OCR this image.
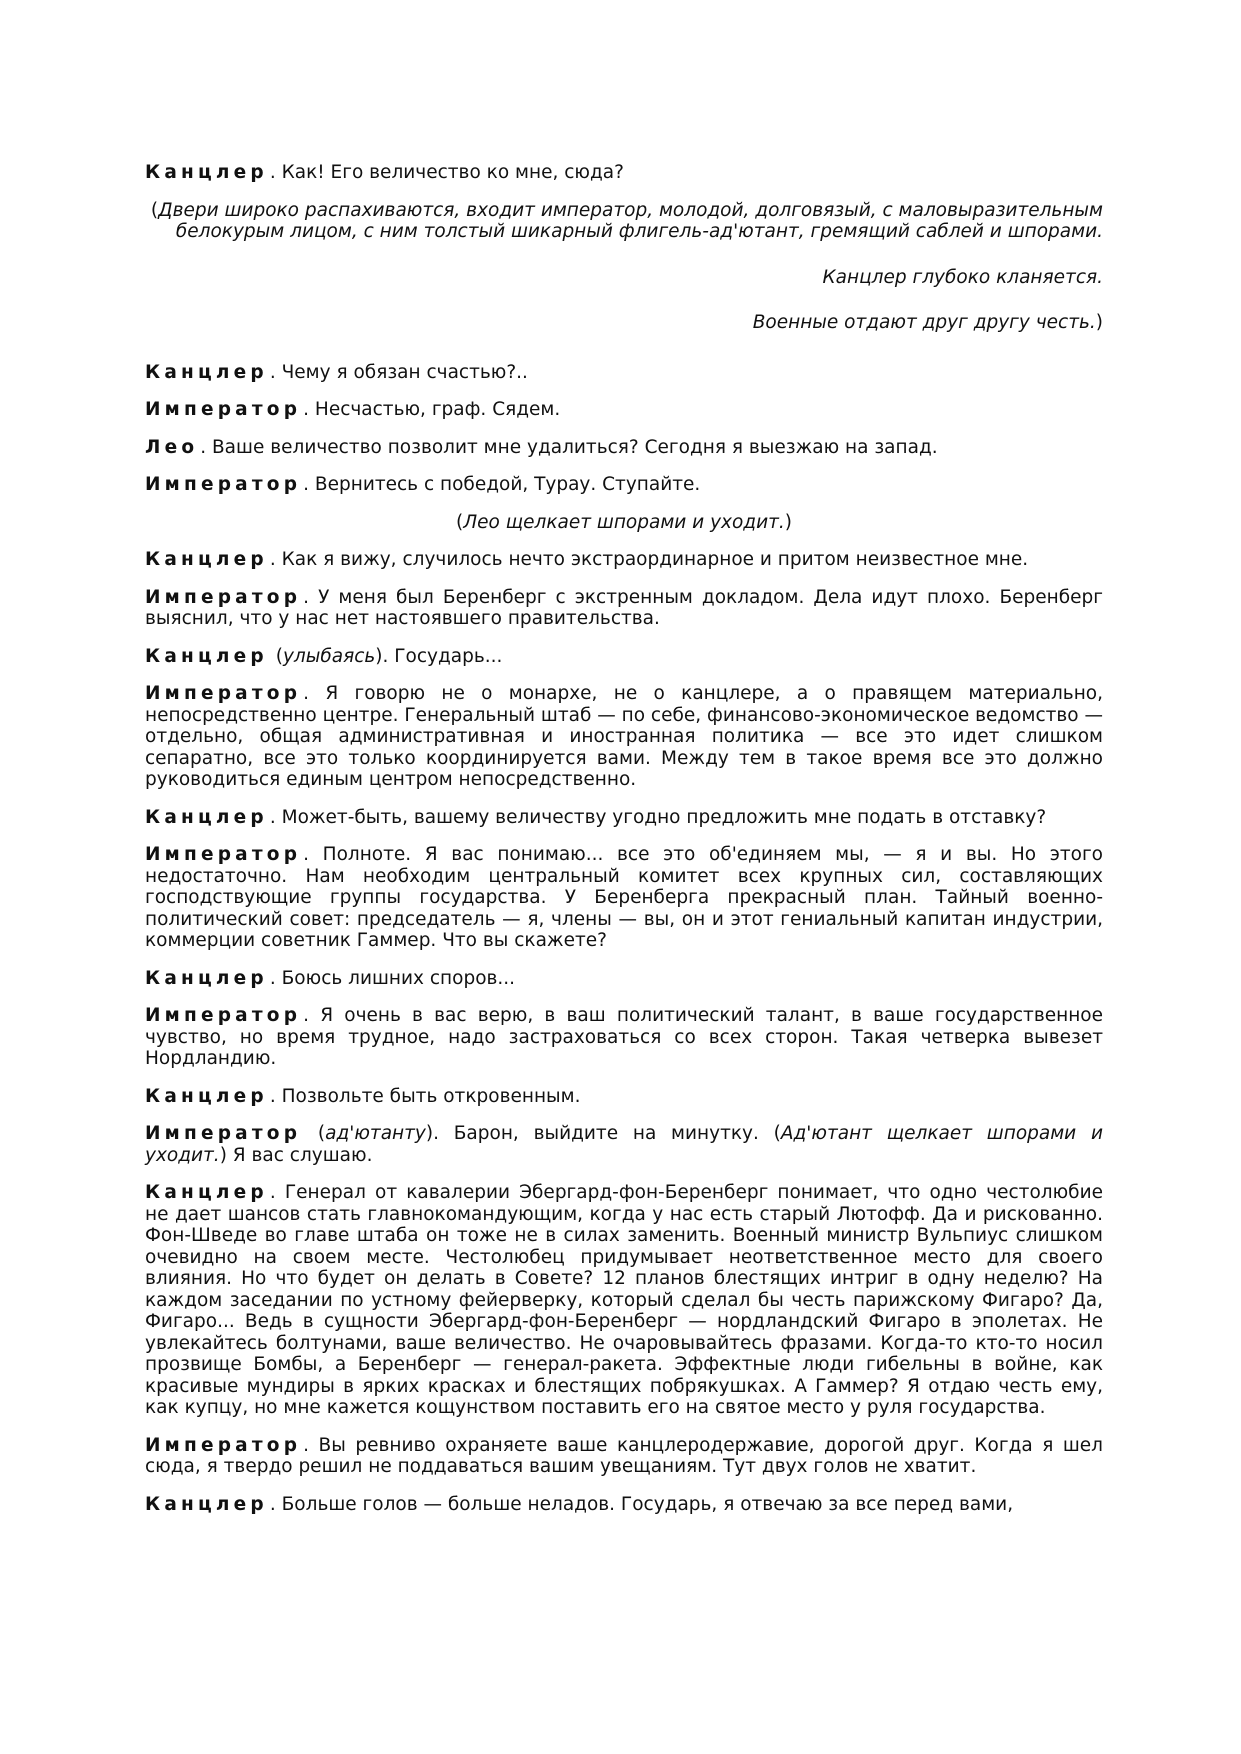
Канцлер . Как! Его величество ко мне, сюда?

(Двери широко распахиваются, входит император, молодой, долговязый, с маловыразительным белокурым лицом, с ним толстый шикарный флигель-ад'ютант, гремящий саблей и шпорами.

Канцлер глубоко кланяется.

Военные отдают друг другу честь.)

Канцлер . Чему я обязан счастью?..

Император . Несчастью, граф. Сядем.

Лео . Ваше величество позволит мне удалиться? Сегодня я выезжаю на запад.

Император . Вернитесь с победой, Турау. Ступайте.

(Лео щелкает шпорами и уходит.)

Канцлер . Как я вижу, случилось нечто экстраординарное и притом неизвестное мне.

Император . У меня был Беренберг с экстренным докладом. Дела идут плохо. Беренберг выяснил, что у нас нет настоявшего правительства.

Канцлер (улыбаясь). Государь...

Император . Я говорю не о монархе, не о канцлере, а о правящем материально, непосредственно центре. Генеральный штаб — по себе, финансово-экономическое ведомство — отдельно, общая административная и иностранная политика — все это идет слишком сепаратно, все это только координируется вами. Между тем в такое время все это должно руководиться единым центром непосредственно.

Канцлер . Может-быть, вашему величеству угодно предложить мне подать в отставку?

Император . Полноте. Я вас понимаю... все это об'единяем мы, — я и вы. Но этого недостаточно. Нам необходим центральный комитет всех крупных сил, составляющих господствующие группы государства. У Беренберга прекрасный план. Тайный военно-политический совет: председатель — я, члены — вы, он и этот гениальный капитан индустрии, коммерции советник Гаммер. Что вы скажете?

Канцлер . Боюсь лишних споров...

Император . Я очень в вас верю, в ваш политический талант, в ваше государственное чувство, но время трудное, надо застраховаться со всех сторон. Такая четверка вывезет Нордландию.

Канцлер . Позвольте быть откровенным.

Император (ад'ютанту). Барон, выйдите на минутку. (Ад'ютант щелкает шпорами и уходит.) Я вас слушаю.

Канцлер . Генерал от кавалерии Эбергард-фон-Беренберг понимает, что одно честолюбие не дает шансов стать главнокомандующим, когда у нас есть старый Лютофф. Да и рискованно. Фон-Шведе во главе штаба он тоже не в силах заменить. Военный министр Вульпиус слишком очевидно на своем месте. Честолюбец придумывает неответственное место для своего влияния. Но что будет он делать в Совете? 12 планов блестящих интриг в одну неделю? На каждом заседании по устному фейерверку, который сделал бы честь парижскому Фигаро? Да, Фигаро... Ведь в сущности Эбергард-фон-Беренберг — нордландский Фигаро в эполетах. Не увлекайтесь болтунами, ваше величество. Не очаровывайтесь фразами. Когда-то кто-то носил прозвище Бомбы, а Беренберг — генерал-ракета. Эффектные люди гибельны в войне, как красивые мундиры в ярких красках и блестящих побрякушках. А Гаммер? Я отдаю честь ему, как купцу, но мне кажется кощунством поставить его на святое место у руля государства.

Император . Вы ревниво охраняете ваше канцлеродержавие, дорогой друг. Когда я шел сюда, я твердо решил не поддаваться вашим увещаниям. Тут двух голов не хватит.

Канцлер . Больше голов — больше неладов. Государь, я отвечаю за все перед вами,
